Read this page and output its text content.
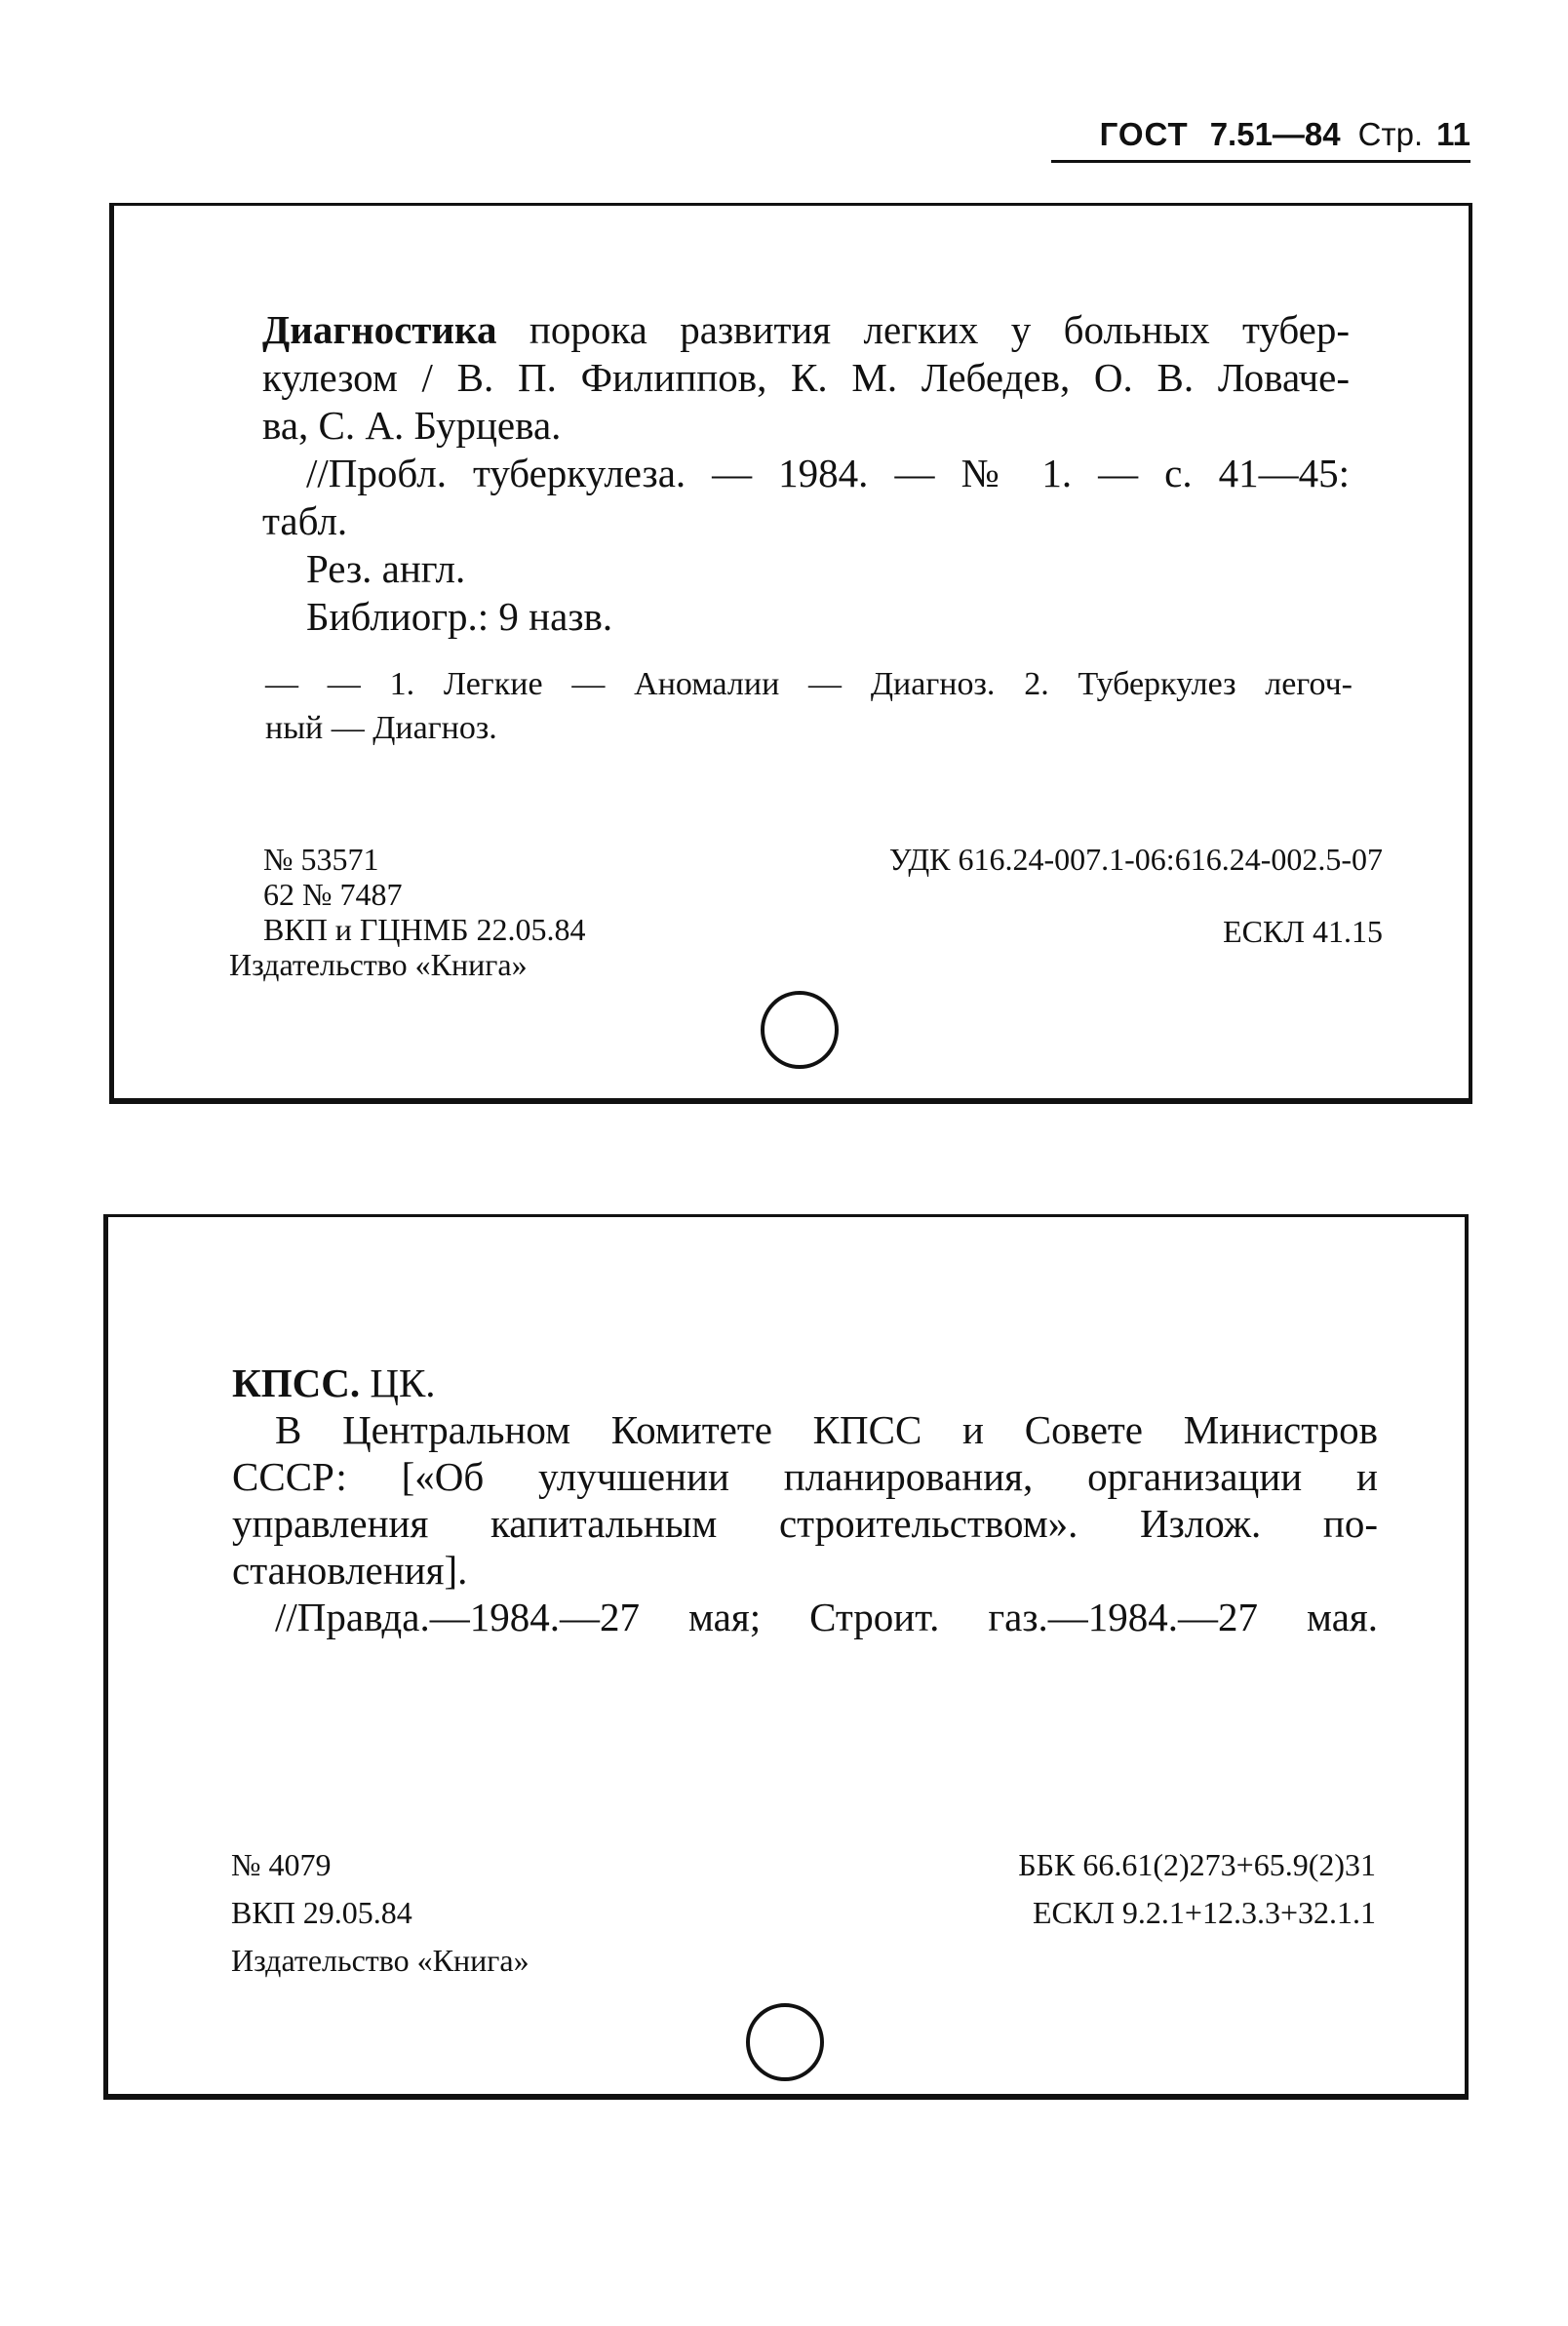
ГОСТ 7.51—84 Стр. 11
Диагностика порока развития легких у больных тубер-
кулезом / В. П. Филиппов, К. М. Лебедев, О. В. Ловаче-
ва, С. А. Бурцева.
//Пробл. туберкулеза. — 1984. — № 1. — с. 41—45:
табл.
Рез. англ.
Библиогр.: 9 назв.
— — 1. Легкие — Аномалии — Диагноз. 2. Туберкулез легоч-
ный — Диагноз.
№ 53571
62 № 7487
ВКП и ГЦНМБ 22.05.84
Издательство «Книга»
УДК 616.24-007.1-06:616.24-002.5-07
ЕСКЛ 41.15
КПСС. ЦК.
В Центральном Комитете КПСС и Совете Министров
СССР: [«Об улучшении планирования, организации и
управления капитальным строительством». Излож. по-
становления].
//Правда.—1984.—27 мая; Строит. газ.—1984.—27 мая.
№ 4079
ВКП 29.05.84
Издательство «Книга»
ББК 66.61(2)273+65.9(2)31
ЕСКЛ 9.2.1+12.3.3+32.1.1
